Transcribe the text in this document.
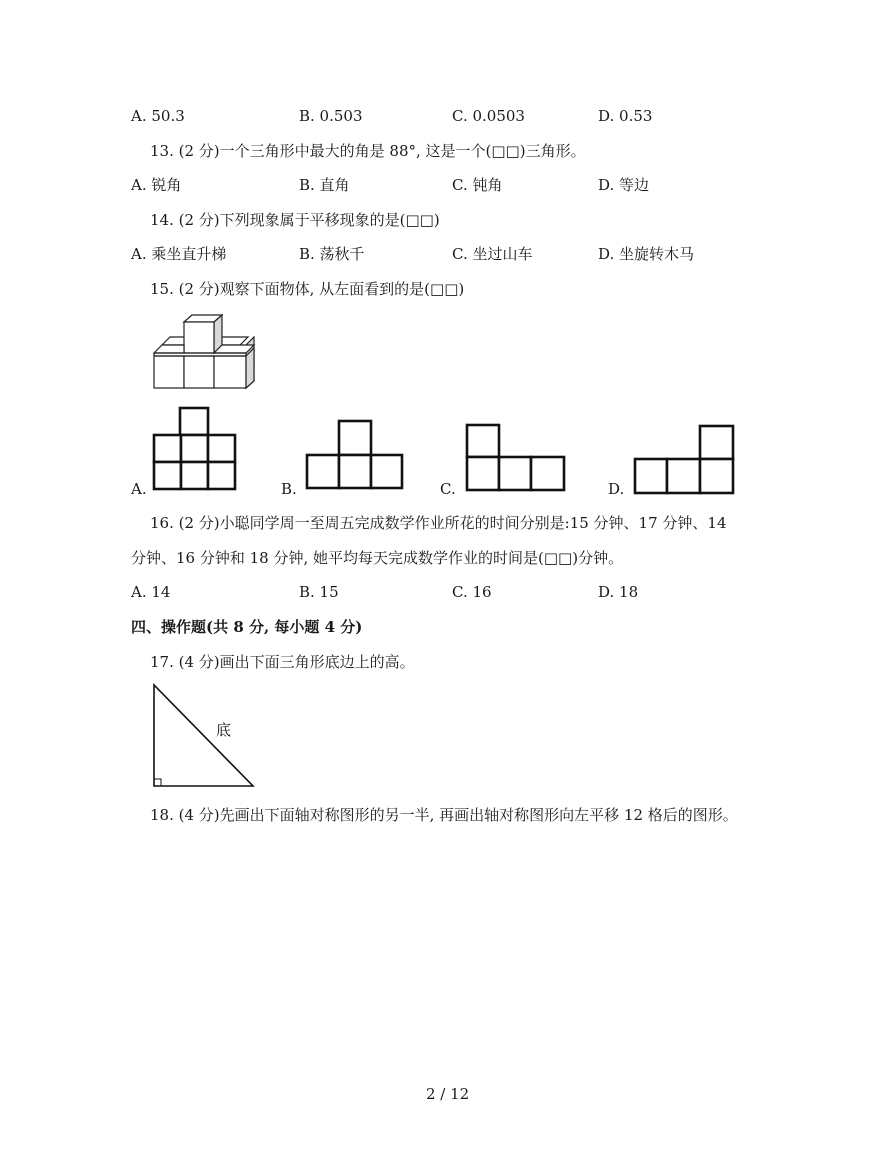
A. 50.3	B. 0.503	C. 0.0503	D. 0.53
13. (2 分)一个三角形中最大的角是 88°, 这是一个(□□)三角形。
A. 锐角	B. 直角	C. 钝角	D. 等边
14. (2 分)下列现象属于平移现象的是(□□)
A. 乘坐直升梯	B. 荡秋千	C. 坐过山车	D. 坐旋转木马
15. (2 分)观察下面物体, 从左面看到的是(□□)
A.	B.	C.	D.
16. (2 分)小聪同学周一至周五完成数学作业所花的时间分别是:15 分钟、17 分钟、14
分钟、16 分钟和 18 分钟, 她平均每天完成数学作业的时间是(□□)分钟。
A. 14	B. 15	C. 16	D. 18
四、操作题(共 8 分, 每小题 4 分)
17. (4 分)画出下面三角形底边上的高。
底
18. (4 分)先画出下面轴对称图形的另一半, 再画出轴对称图形向左平移 12 格后的图形。
2 / 12
